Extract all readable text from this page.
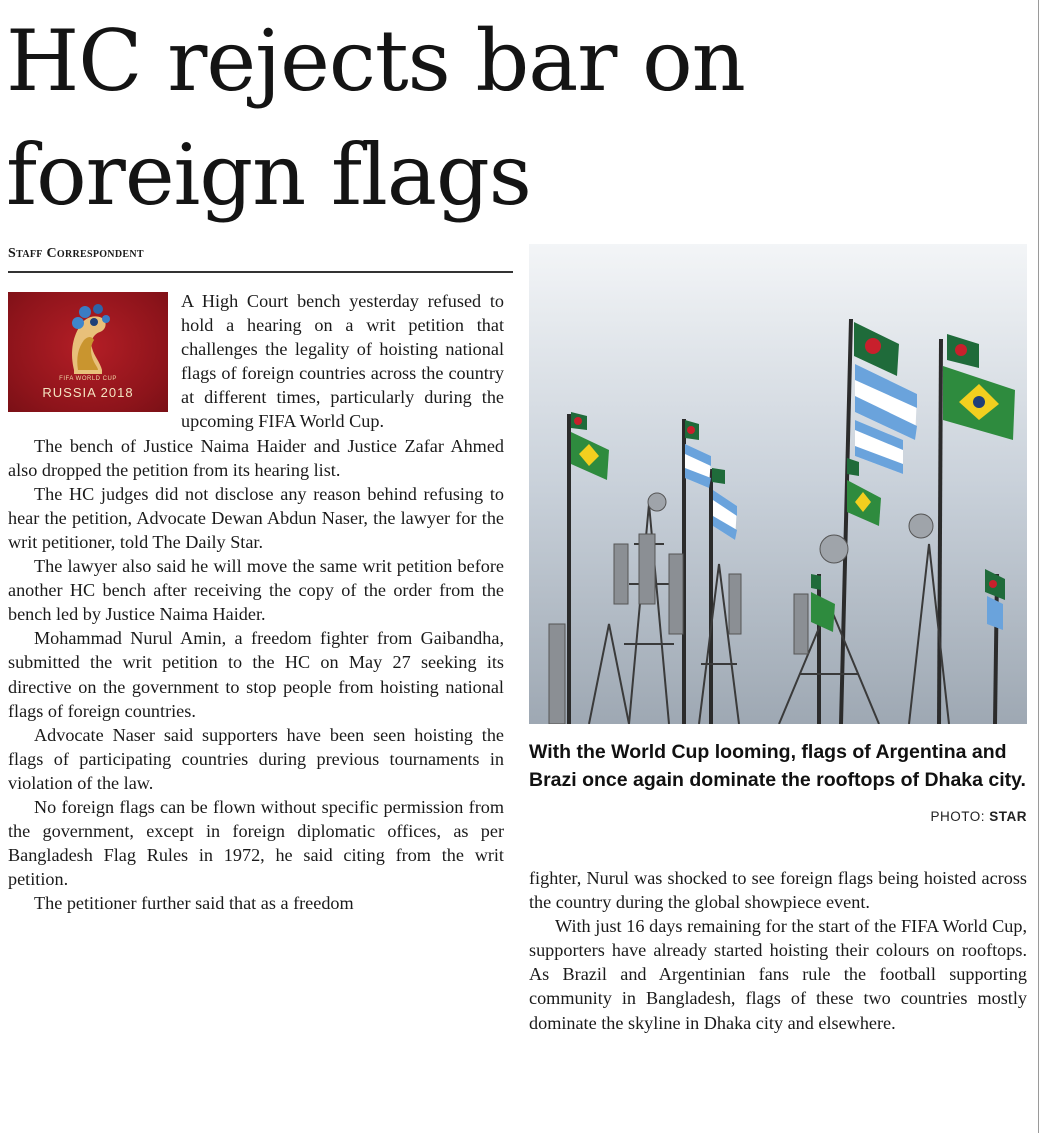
HC rejects bar on foreign flags
Staff Correspondent
FIFA WORLD CUP
RUSSIA 2018

A High Court bench yesterday refused to hold a hearing on a writ petition that challenges the legality of hoisting national flags of foreign countries across the country at different times, particularly during the upcoming FIFA World Cup.

The bench of Justice Naima Haider and Justice Zafar Ahmed also dropped the petition from its hearing list.

The HC judges did not disclose any reason behind refusing to hear the petition, Advocate Dewan Abdun Naser, the lawyer for the writ petitioner, told The Daily Star.

The lawyer also said he will move the same writ petition before another HC bench after receiving the copy of the order from the bench led by Justice Naima Haider.

Mohammad Nurul Amin, a freedom fighter from Gaibandha, submitted the writ petition to the HC on May 27 seeking its directive on the government to stop people from hoisting national flags of foreign countries.

Advocate Naser said supporters have been seen hoisting the flags of participating countries during previous tournaments in violation of the law.

No foreign flags can be flown without specific permission from the government, except in foreign diplomatic offices, as per Bangladesh Flag Rules in 1972, he said citing from the writ petition.

The petitioner further said that as a freedom

With the World Cup looming, flags of Argentina and Brazi once again dominate the rooftops of Dhaka city.

PHOTO: STAR

fighter, Nurul was shocked to see foreign flags being hoisted across the country during the global showpiece event.

With just 16 days remaining for the start of the FIFA World Cup, supporters have already started hoisting their colours on rooftops. As Brazil and Argentinian fans rule the football supporting community in Bangladesh, flags of these two countries mostly dominate the skyline in Dhaka city and elsewhere.
